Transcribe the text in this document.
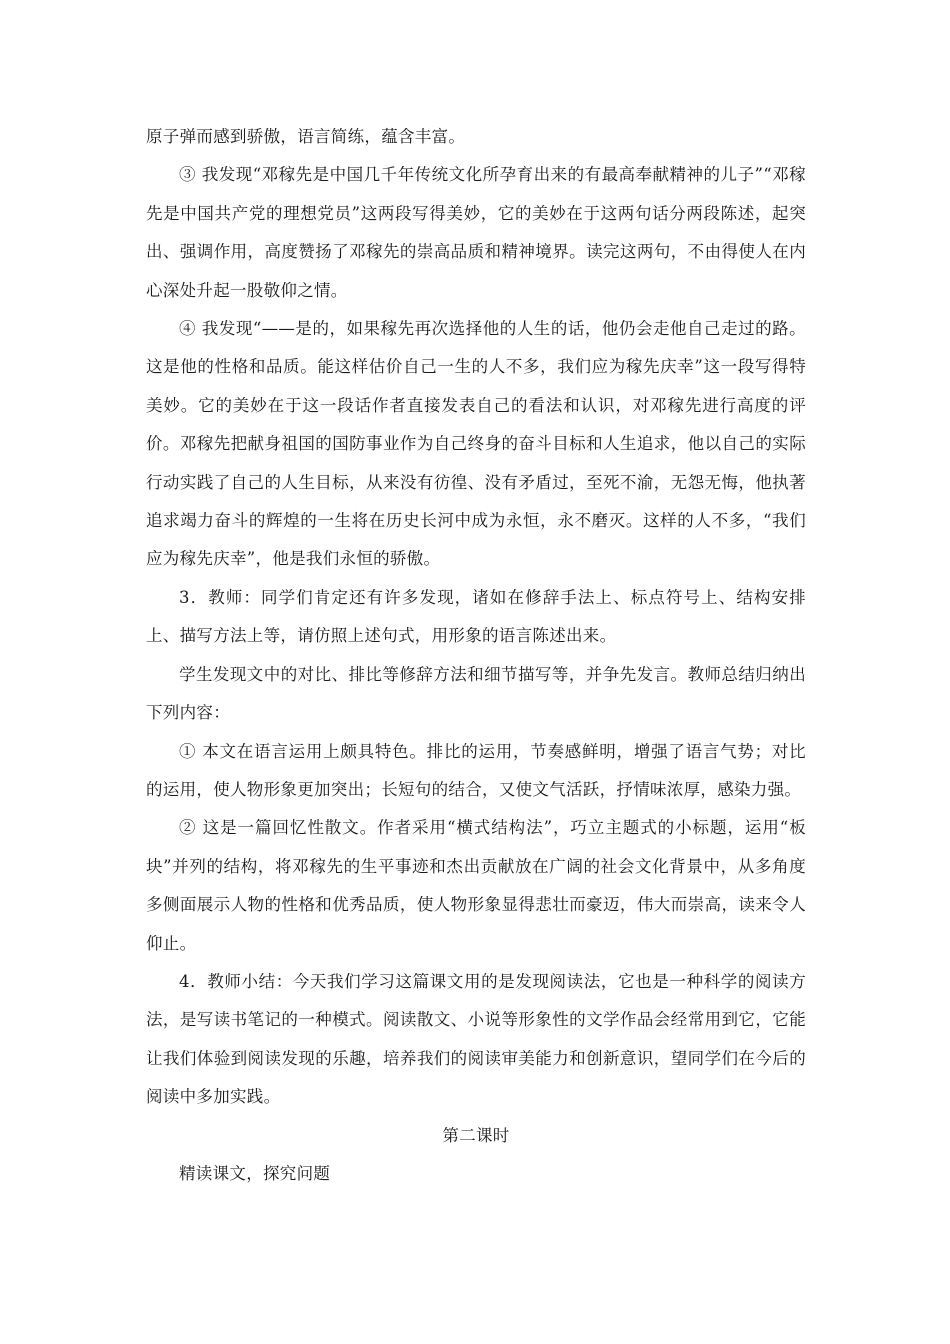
原子弹而感到骄傲，语言简练，蕴含丰富。

③ 我发现“邓稼先是中国几千年传统文化所孕育出来的有最高奉献精神的儿子”“邓稼先是中国共产党的理想党员”这两段写得美妙，它的美妙在于这两句话分两段陈述，起突出、强调作用，高度赞扬了邓稼先的崇高品质和精神境界。读完这两句，不由得使人在内心深处升起一股敬仰之情。

④ 我发现“——是的，如果稼先再次选择他的人生的话，他仍会走他自己走过的路。这是他的性格和品质。能这样估价自己一生的人不多，我们应为稼先庆幸”这一段写得特美妙。它的美妙在于这一段话作者直接发表自己的看法和认识，对邓稼先进行高度的评价。邓稼先把献身祖国的国防事业作为自己终身的奋斗目标和人生追求，他以自己的实际行动实践了自己的人生目标，从来没有彷徨、没有矛盾过，至死不渝，无怨无悔，他执著追求竭力奋斗的辉煌的一生将在历史长河中成为永恒，永不磨灭。这样的人不多，“我们应为稼先庆幸”，他是我们永恒的骄傲。

3．教师：同学们肯定还有许多发现，诸如在修辞手法上、标点符号上、结构安排上、描写方法上等，请仿照上述句式，用形象的语言陈述出来。

学生发现文中的对比、排比等修辞方法和细节描写等，并争先发言。教师总结归纳出下列内容：

① 本文在语言运用上颇具特色。排比的运用，节奏感鲜明，增强了语言气势；对比的运用，使人物形象更加突出；长短句的结合，又使文气活跃，抒情味浓厚，感染力强。

② 这是一篇回忆性散文。作者采用“横式结构法”，巧立主题式的小标题，运用“板块”并列的结构，将邓稼先的生平事迹和杰出贡献放在广阔的社会文化背景中，从多角度多侧面展示人物的性格和优秀品质，使人物形象显得悲壮而豪迈，伟大而崇高，读来令人仰止。

4．教师小结：今天我们学习这篇课文用的是发现阅读法，它也是一种科学的阅读方法，是写读书笔记的一种模式。阅读散文、小说等形象性的文学作品会经常用到它，它能让我们体验到阅读发现的乐趣，培养我们的阅读审美能力和创新意识，望同学们在今后的阅读中多加实践。

第二课时

精读课文，探究问题
